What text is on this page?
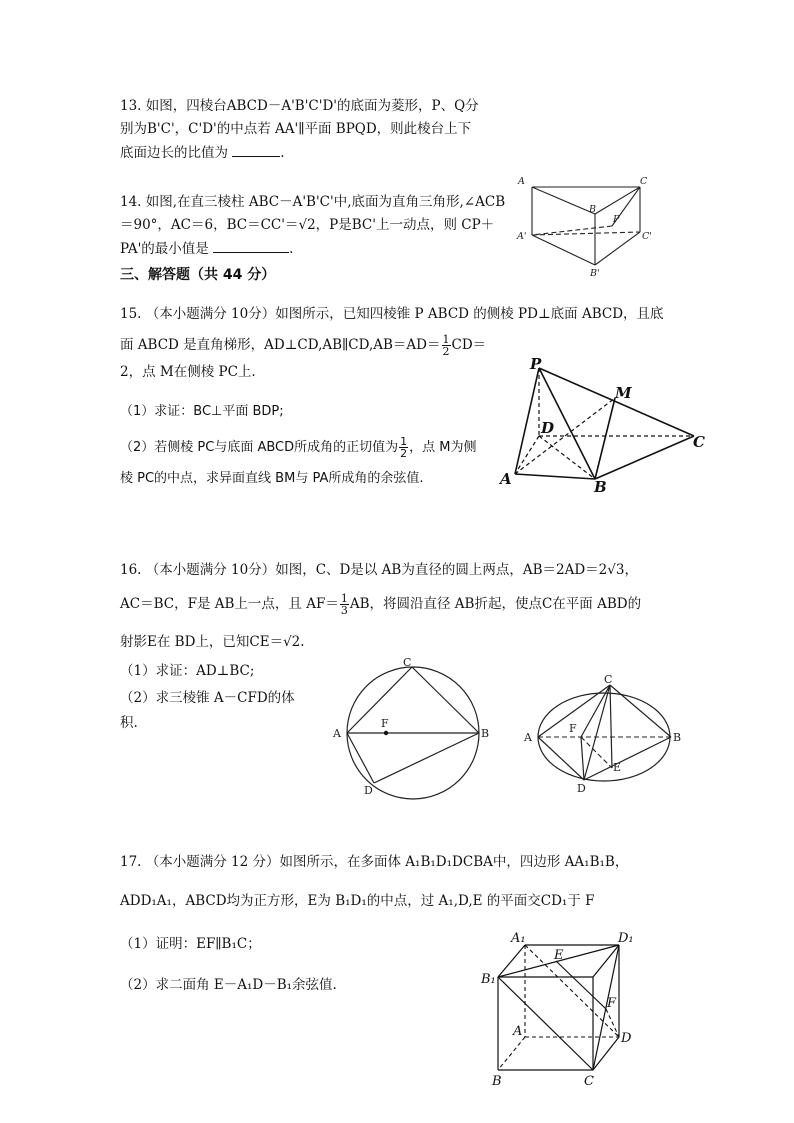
13. 如图，四棱台ABCD－A'B'C'D'的底面为菱形，P、Q分
别为B'C'，C'D'的中点若 AA'∥平面 BPQD，则此棱台上下
底面边长的比值为	.
14. 如图,在直三棱柱 ABC－A'B'C'中,底面为直角三角形,∠ACB
＝90°，AC＝6，BC＝CC'＝√2，P是BC'上一动点，则 CP＋
PA'的最小值是	.
A	C
B
P
A'	C'
B'
三、解答题（共 44 分）
15. （本小题满分 10分）如图所示，已知四棱锥 P ABCD 的侧棱 PD⊥底面 ABCD，且底
面 ABCD 是直角梯形，AD⊥CD,AB∥CD,AB＝AD＝ $\frac{1}{2} CD=$
2，点 M在侧棱 PC上.
（1）求证：BC⊥平面 BDP;
（2）若侧棱 PC与底面 ABCD所成角的正切值为 $\frac{1}{2}$ ，点 M为侧
棱 PC的中点，求异面直线 BM与 PA所成角的余弦值.
P
M
D
C
A	B
16. （本小题满分 10分）如图，C、D是以 AB为直径的圆上两点，AB＝2AD＝2√3，
AC＝BC，F是 AB上一点，且 $AF= \frac{1}{3}$ AB，将圆沿直径 AB折起，使点C在平面 ABD的
射影E在 BD上，已知CE＝√2.
（1）求证：AD⊥BC;
（2）求三棱锥 A－CFD的体
积.
C
A
F
B
D
C
A
F
B
E
D
17. （本小题满分 12 分）如图所示，在多面体 A₁B₁D₁DCBA中，四边形 AA₁B₁B，
ADD₁A₁，ABCD均为正方形，E为 B₁D₁的中点，过 A₁,D,E 的平面交CD₁于 F
（1）证明：EF∥B₁C；
（2）求二面角 E－A₁D－B₁余弦值.
A₁
E
D₁
B₁
F
A	D
B	C
